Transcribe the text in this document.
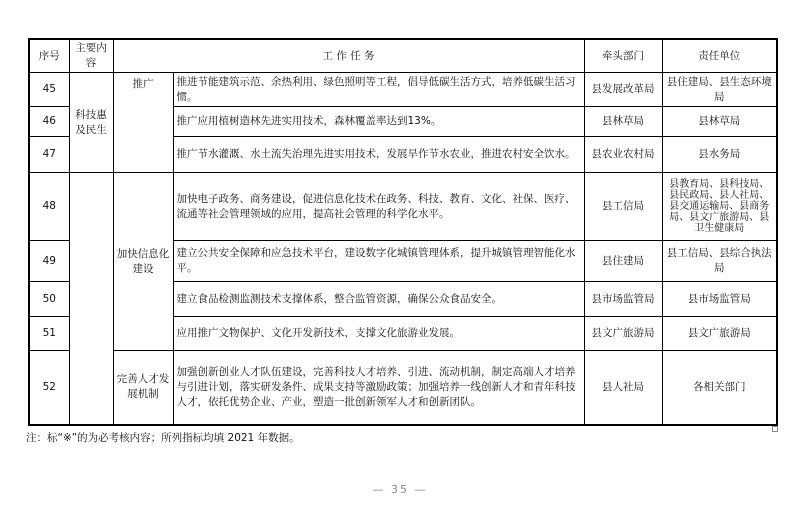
序号	主要内容	工 作 任 务		牵头部门	责任单位
45	科技惠及民生	推广	推进节能建筑示范、余热利用、绿色照明等工程，倡导低碳生活方式，培养低碳生活习惯。	县发展改革局	县住建局、县生态环境局
46			推广应用植树造林先进实用技术，森林覆盖率达到13%。	县林草局	县林草局
47			推广节水灌溉、水土流失治理先进实用技术，发展旱作节水农业，推进农村安全饮水。	县农业农村局	县水务局
48		加快信息化建设	加快电子政务、商务建设，促进信息化技术在政务、科技、教育、文化、社保、医疗、流通等社会管理领域的应用，提高社会管理的科学化水平。	县工信局	县教育局、县科技局、县民政局、县人社局、县交通运输局、县商务局、县文广旅游局、县卫生健康局
49			建立公共安全保障和应急技术平台，建设数字化城镇管理体系，提升城镇管理智能化水平。	县住建局	县工信局、县综合执法局
50			建立食品检测监测技术支撑体系，整合监管资源，确保公众食品安全。	县市场监管局	县市场监管局
51			应用推广文物保护、文化开发新技术，支撑文化旅游业发展。	县文广旅游局	县文广旅游局
52		完善人才发展机制	加强创新创业人才队伍建设，完善科技人才培养、引进、流动机制，制定高端人才培养与引进计划，落实研发条件、成果支持等激励政策；加强培养一线创新人才和青年科技人才，依托优势企业、产业，塑造一批创新领军人才和创新团队。	县人社局	各相关部门
注：标“※”的为必考核内容；所列指标均填 2021 年数据。
— 35 —
